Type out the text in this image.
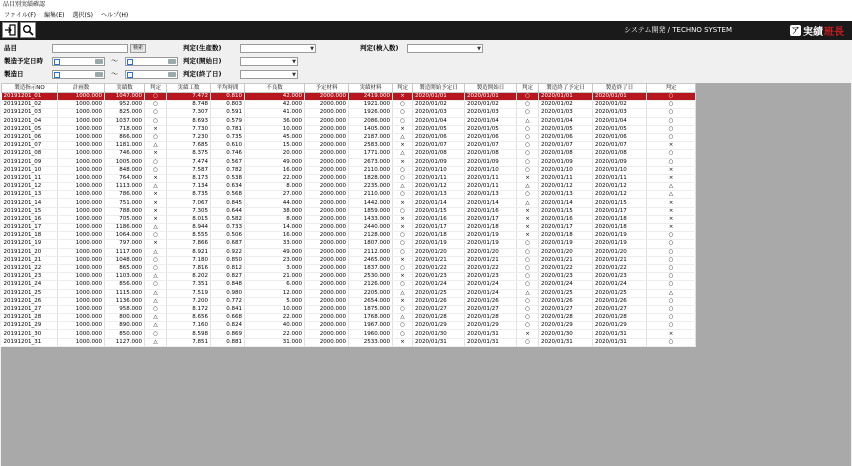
品目別実績確認
ファイル(F) 編集(E) 選択(S) ヘルプ(H)
システム開発 / TECHNO SYSTEM	ア 実績 班長
品目	検索	判定(生産数)	▼	判定(検入数)	▼
製造予定日時	～	判定(開始日)	▼
製造日	～	判定(終了日)	▼
製造指示NO	計画数	実績数	判定	実績工数	平均時間	不良数	予定材料	実績材料	判定	製造開始予定日	製造開始日	判定	製造終了予定日	製造終了日	判定
20191201_01	1000.000	1047.000	○	7.472	0.810	42.000	2000.000	2419.000	×	2020/01/01	2020/01/01	○	2020/01/01	2020/01/01	○
20191201_02	1000.000	952.000	○	8.748	0.803	42.000	2000.000	1921.000	○	2020/01/02	2020/01/02	○	2020/01/02	2020/01/02	○
20191201_03	1000.000	825.000	○	7.307	0.591	41.000	2000.000	1926.000	○	2020/01/03	2020/01/03	○	2020/01/03	2020/01/03	○
20191201_04	1000.000	1037.000	○	8.693	0.579	36.000	2000.000	2086.000	○	2020/01/04	2020/01/04	△	2020/01/04	2020/01/04	○
20191201_05	1000.000	718.000	×	7.730	0.781	10.000	2000.000	1405.000	×	2020/01/05	2020/01/05	○	2020/01/05	2020/01/05	○
20191201_06	1000.000	866.000	○	7.230	0.735	45.000	2000.000	2187.000	△	2020/01/06	2020/01/06	○	2020/01/06	2020/01/06	○
20191201_07	1000.000	1181.000	△	7.685	0.610	15.000	2000.000	2583.000	×	2020/01/07	2020/01/07	○	2020/01/07	2020/01/07	×
20191201_08	1000.000	746.000	×	8.375	0.746	20.000	2000.000	1771.000	△	2020/01/08	2020/01/08	○	2020/01/08	2020/01/08	○
20191201_09	1000.000	1005.000	○	7.474	0.567	49.000	2000.000	2673.000	×	2020/01/09	2020/01/09	○	2020/01/09	2020/01/09	○
20191201_10	1000.000	848.000	○	7.587	0.782	16.000	2000.000	2110.000	○	2020/01/10	2020/01/10	○	2020/01/10	2020/01/10	×
20191201_11	1000.000	764.000	×	8.173	0.538	22.000	2000.000	1828.000	○	2020/01/11	2020/01/11	×	2020/01/11	2020/01/11	×
20191201_12	1000.000	1113.000	△	7.134	0.634	8.000	2000.000	2235.000	△	2020/01/12	2020/01/11	△	2020/01/12	2020/01/12	△
20191201_13	1000.000	786.000	×	8.735	0.568	27.000	2000.000	2110.000	○	2020/01/13	2020/01/13	○	2020/01/13	2020/01/12	△
20191201_14	1000.000	751.000	×	7.067	0.845	44.000	2000.000	1442.000	×	2020/01/14	2020/01/14	△	2020/01/14	2020/01/15	×
20191201_15	1000.000	788.000	×	7.305	0.644	38.000	2000.000	1859.000	○	2020/01/15	2020/01/16	×	2020/01/15	2020/01/17	×
20191201_16	1000.000	705.000	×	8.015	0.582	8.000	2000.000	1433.000	×	2020/01/16	2020/01/17	×	2020/01/16	2020/01/18	×
20191201_17	1000.000	1186.000	△	8.944	0.733	14.000	2000.000	2440.000	×	2020/01/17	2020/01/18	×	2020/01/17	2020/01/18	×
20191201_18	1000.000	1064.000	○	8.555	0.506	16.000	2000.000	2128.000	○	2020/01/18	2020/01/19	×	2020/01/18	2020/01/19	○
20191201_19	1000.000	797.000	×	7.866	0.687	33.000	2000.000	1807.000	○	2020/01/19	2020/01/19	○	2020/01/19	2020/01/19	○
20191201_20	1000.000	1117.000	△	8.921	0.922	49.000	2000.000	2112.000	○	2020/01/20	2020/01/20	○	2020/01/20	2020/01/20	○
20191201_21	1000.000	1048.000	○	7.180	0.850	23.000	2000.000	2465.000	×	2020/01/21	2020/01/21	○	2020/01/21	2020/01/21	○
20191201_22	1000.000	865.000	○	7.816	0.812	3.000	2000.000	1837.000	○	2020/01/22	2020/01/22	○	2020/01/22	2020/01/22	○
20191201_23	1000.000	1103.000	△	8.202	0.827	21.000	2000.000	2530.000	×	2020/01/23	2020/01/23	○	2020/01/23	2020/01/23	○
20191201_24	1000.000	856.000	○	7.351	0.848	6.000	2000.000	2126.000	○	2020/01/24	2020/01/24	○	2020/01/24	2020/01/24	○
20191201_25	1000.000	1115.000	△	7.519	0.980	12.000	2000.000	2205.000	△	2020/01/25	2020/01/24	△	2020/01/25	2020/01/25	△
20191201_26	1000.000	1136.000	△	7.200	0.772	5.000	2000.000	2654.000	×	2020/01/26	2020/01/26	○	2020/01/26	2020/01/26	○
20191201_27	1000.000	958.000	○	8.172	0.841	10.000	2000.000	1875.000	○	2020/01/27	2020/01/27	○	2020/01/27	2020/01/27	○
20191201_28	1000.000	800.000	△	8.656	0.668	22.000	2000.000	1768.000	△	2020/01/28	2020/01/28	○	2020/01/28	2020/01/28	○
20191201_29	1000.000	890.000	△	7.160	0.824	40.000	2000.000	1967.000	○	2020/01/29	2020/01/29	○	2020/01/29	2020/01/29	○
20191201_30	1000.000	850.000	○	8.598	0.869	22.000	2000.000	1960.000	○	2020/01/30	2020/01/31	×	2020/01/30	2020/01/31	×
20191201_31	1000.000	1127.000	△	7.851	0.881	31.000	2000.000	2533.000	×	2020/01/31	2020/01/31	○	2020/01/31	2020/01/31	○
